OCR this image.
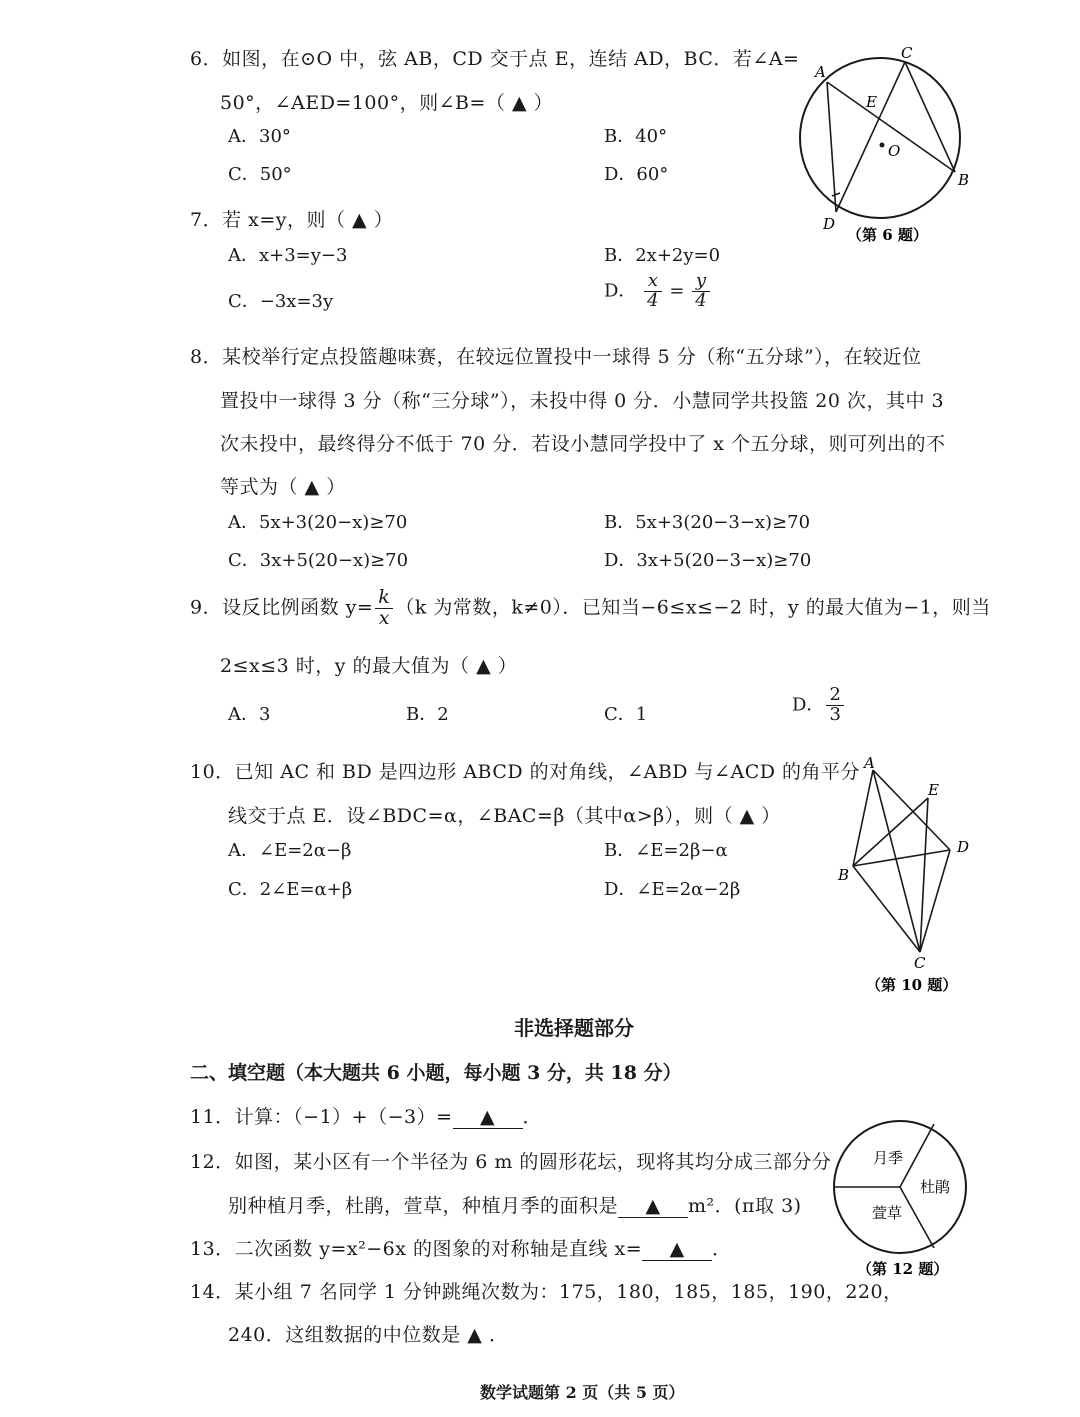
6．如图，在⊙O 中，弦 AB，CD 交于点 E，连结 AD，BC．若∠A=
50°，∠AED=100°，则∠B=（ ▲ ）
A．30°	B．40°
C．50°	D．60°
A
C
E
O
B
D
（第 6 题）
7．若 x=y，则（ ▲ ）
A．x+3=y−3	B．2x+2y=0
C．−3x=3y
D． $\frac{x}{4} = \frac{y}{4}$
8．某校举行定点投篮趣味赛，在较远位置投中一球得 5 分（称“五分球”），在较近位
置投中一球得 3 分（称“三分球”），未投中得 0 分．小慧同学共投篮 20 次，其中 3
次未投中，最终得分不低于 70 分．若设小慧同学投中了 x 个五分球，则可列出的不
等式为（ ▲ ）
A．5x+3(20−x)≥70	B．5x+3(20−3−x)≥70
C．3x+5(20−x)≥70	D．3x+5(20−3−x)≥70
9．设反比例函数 $y= \frac{k}{x} (k$ 为常数，k≠0）．已知当−6≤x≤−2 时，y 的最大值为−1，则当
2≤x≤3 时，y 的最大值为（ ▲ ）
A．3	B．2	C．1	D． $\frac{2}{3}$
10．已知 AC 和 BD 是四边形 ABCD 的对角线，∠ABD 与∠ACD 的角平分
线交于点 E．设∠BDC=α，∠BAC=β（其中α>β），则（ ▲ ）
A．∠E=2α−β	B．∠E=2β−α
C．2∠E=α+β	D．∠E=2α−2β
A
E
D
B
C
（第 10 题）
非选择题部分
二、填空题（本大题共 6 小题，每小题 3 分，共 18 分）
11．计算：（−1）+（−3）= ▲ ．
12．如图，某小区有一个半径为 6 m 的圆形花坛，现将其均分成三部分分
别种植月季，杜鹃，萱草，种植月季的面积是 ▲ m²．(π取 3)
月季
杜鹃
萱草
（第 12 题）
13．二次函数 y=x²−6x 的图象的对称轴是直线 x= ▲ ．
14．某小组 7 名同学 1 分钟跳绳次数为：175，180，185，185，190，220，
240．这组数据的中位数是 ▲ ．
数学试题第 2 页（共 5 页）
